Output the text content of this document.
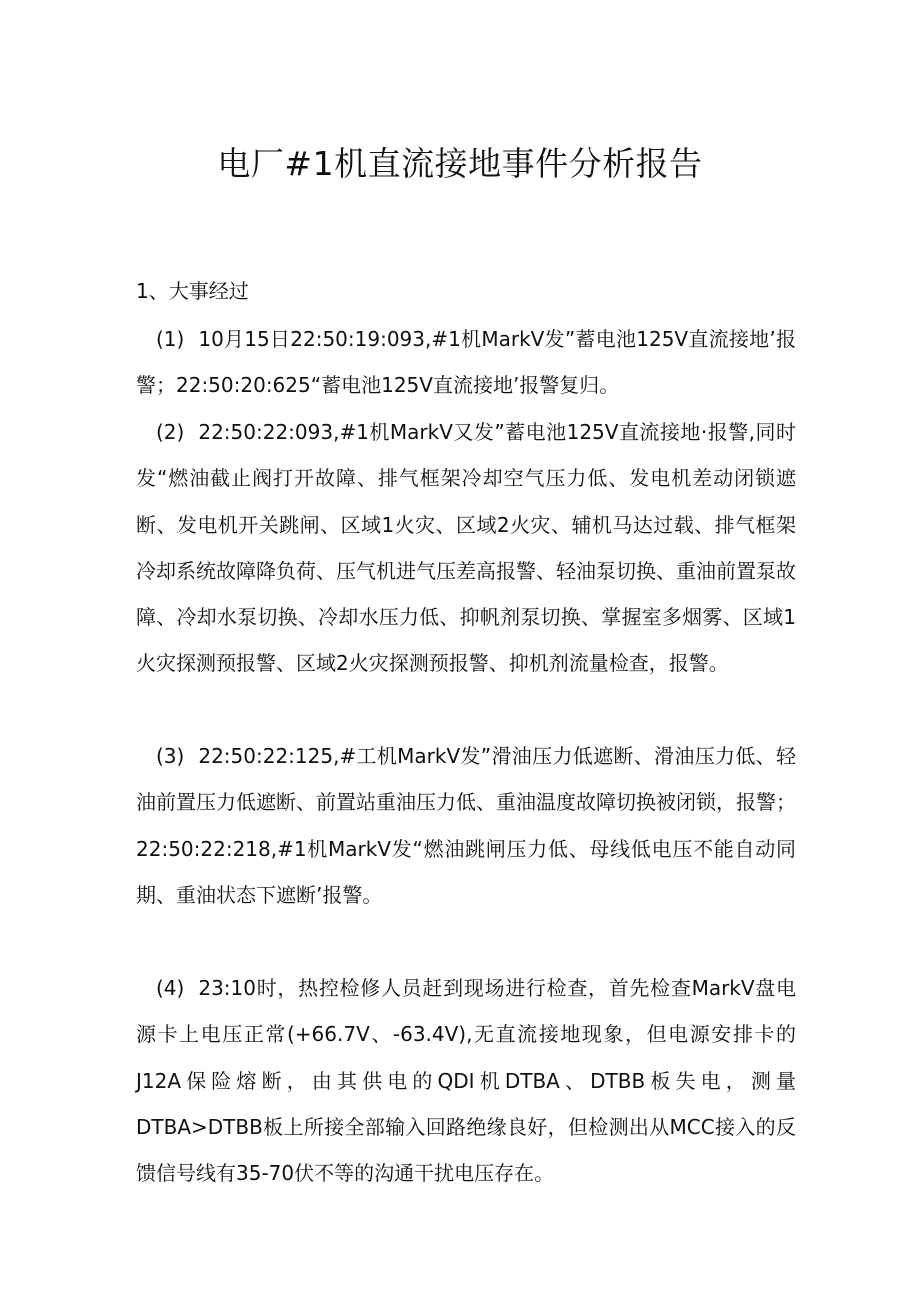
电厂#1机直流接地事件分析报告
1、大事经过

(1) 10月15日22:50:19:093,#1机MarkV发”蓄电池125V直流接地’报警；22:50:20:625“蓄电池125V直流接地’报警复归。

(2) 22:50:22:093,#1机MarkV又发”蓄电池125V直流接地·报警,同时发“燃油截止阀打开故障、排气框架冷却空气压力低、发电机差动闭锁遮断、发电机开关跳闸、区域1火灾、区域2火灾、辅机马达过载、排气框架冷却系统故障降负荷、压气机进气压差高报警、轻油泵切换、重油前置泵故障、冷却水泵切换、冷却水压力低、抑帆剂泵切换、掌握室多烟雾、区域1火灾探测预报警、区域2火灾探测预报警、抑机剂流量检查，报警。

(3) 22:50:22:125,#工机MarkV发”滑油压力低遮断、滑油压力低、轻油前置压力低遮断、前置站重油压力低、重油温度故障切换被闭锁，报警；22:50:22:218,#1机MarkV发“燃油跳闸压力低、母线低电压不能自动同期、重油状态下遮断’报警。

(4) 23:10时，热控检修人员赶到现场进行检查，首先检查MarkV盘电源卡上电压正常(+66.7V、-63.4V),无直流接地现象，但电源安排卡的J12A保险熔断，由其供电的QDI机DTBA、DTBB板失电，测量DTBA>DTBB板上所接全部输入回路绝缘良好，但检测出从MCC接入的反馈信号线有35-70伏不等的沟通干扰电压存在。
